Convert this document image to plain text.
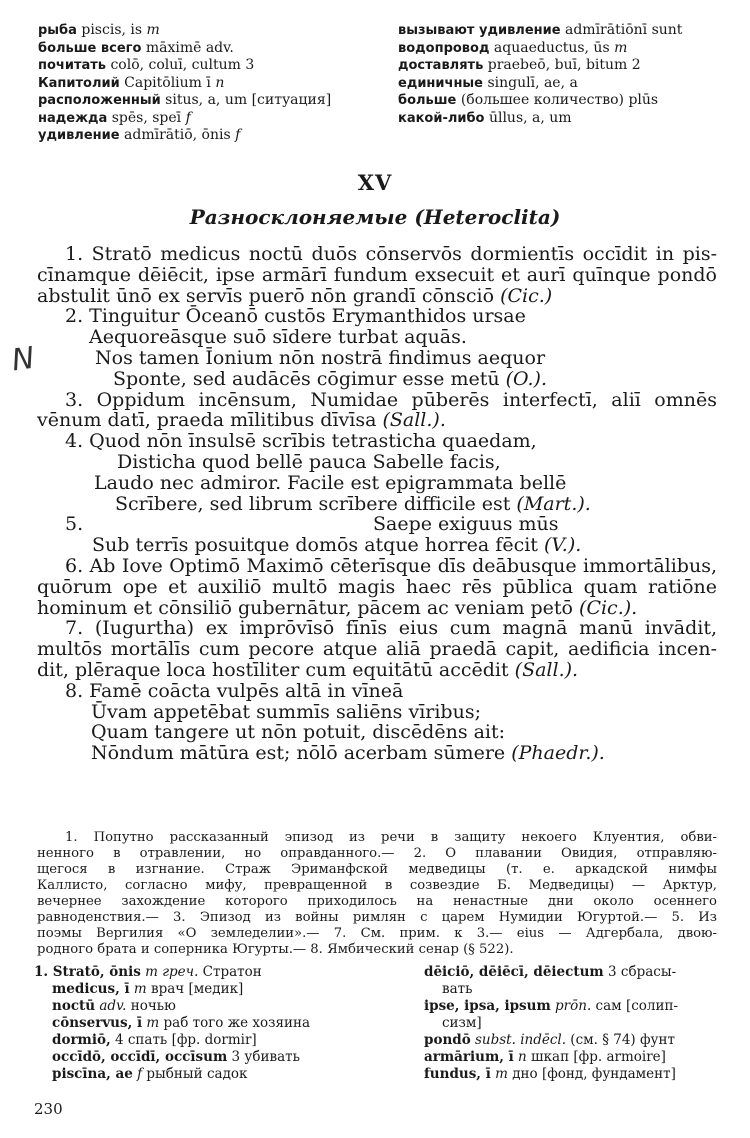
рыба piscis, is m
больше всего māximē adv.
почитать colō, coluī, cultum 3
Капитолий Capitōlium ī n
расположенный situs, a, um [ситуация]
надежда spēs, speī f
удивление admīrātiō, ōnis f
вызывают удивление admīrātiōnī sunt
водопровод aquaeductus, ūs m
доставлять praebeō, buī, bitum 2
единичные singulī, ae, a
больше (большее количество) plūs
какой-либо ūllus, a, um
XV
Разносклоняемые (Heteroclita)
N
1. Stratō medicus noctū duōs cōnservōs dormientīs occīdit in pis-
cīnamque dēiēcit, ipse armārī fundum exsecuit et aurī quīnque pondō
abstulit ūnō ex servīs puerō nōn grandī cōnsciō (Cic.)
2. Tinguitur Ōceanō custōs Erymanthidos ursae
Aequoreāsque suō sīdere turbat aquās.
Nos tamen Īonium nōn nostrā findimus aequor
Sponte, sed audācēs cōgimur esse metū (O.).
3. Oppidum incēnsum, Numidae pūberēs interfectī, aliī omnēs
vēnum datī, praeda mīlitibus dīvīsa (Sall.).
4. Quod nōn īnsulsē scrībis tetrasticha quaedam,
Disticha quod bellē pauca Sabelle facis,
Laudo nec admiror. Facile est epigrammata bellē
Scrībere, sed librum scrībere difficile est (Mart.).
5.	Saepe exiguus mūs
Sub terrīs posuitque domōs atque horrea fēcit (V.).
6. Ab Iove Optimō Maximō cēterīsque dīs deābusque immortālibus,
quōrum ope et auxiliō multō magis haec rēs pūblica quam ratiōne
hominum et cōnsiliō gubernātur, pācem ac veniam petō (Cic.).
7. (Iugurtha) ex imprōvīsō fīnīs eius cum magnā manū invādit,
multōs mortālīs cum pecore atque aliā praedā capit, aedificia incen-
dit, plēraque loca hostīliter cum equitātū accēdit (Sall.).
8. Famē coācta vulpēs altā in vīneā
Ūvam appetēbat summīs saliēns vīribus;
Quam tangere ut nōn potuit, discēdēns ait:
Nōndum mātūra est; nōlō acerbam sūmere (Phaedr.).
1. Попутно рассказанный эпизод из речи в защиту некоего Клуентия, обви-
ненного в отравлении, но оправданного.— 2. О плавании Овидия, отправляю-
щегося в изгнание. Страж Эриманфской медведицы (т. е. аркадской нимфы
Каллисто, согласно мифу, превращенной в созвездие Б. Медведицы) — Арктур,
вечернее захождение которого приходилось на ненастные дни около осеннего
равноденствия.— 3. Эпизод из войны римлян с царем Нумидии Югуртой.— 5. Из
поэмы Вергилия «О земледелии».— 7. См. прим. к 3.— eius — Адгербала, двою-
родного брата и соперника Югурты.— 8. Ямбический сенар (§ 522).
1. Stratō, ōnis m греч. Стратон
medicus, ī m врач [медик]
noctū adv. ночью
cōnservus, ī m раб того же хозяина
dormiō, 4 спать [фр. dormir]
occīdō, occīdī, occīsum 3 убивать
piscīna, ae f рыбный садок
dēiciō, dēiēcī, dēiectum 3 сбрасы-
вать
ipse, ipsa, ipsum prōn. сам [солип-
сизм]
pondō subst. indēcl. (см. § 74) фунт
armārium, ī n шкап [фр. armoire]
fundus, ī m дно [фонд, фундамент]
230
